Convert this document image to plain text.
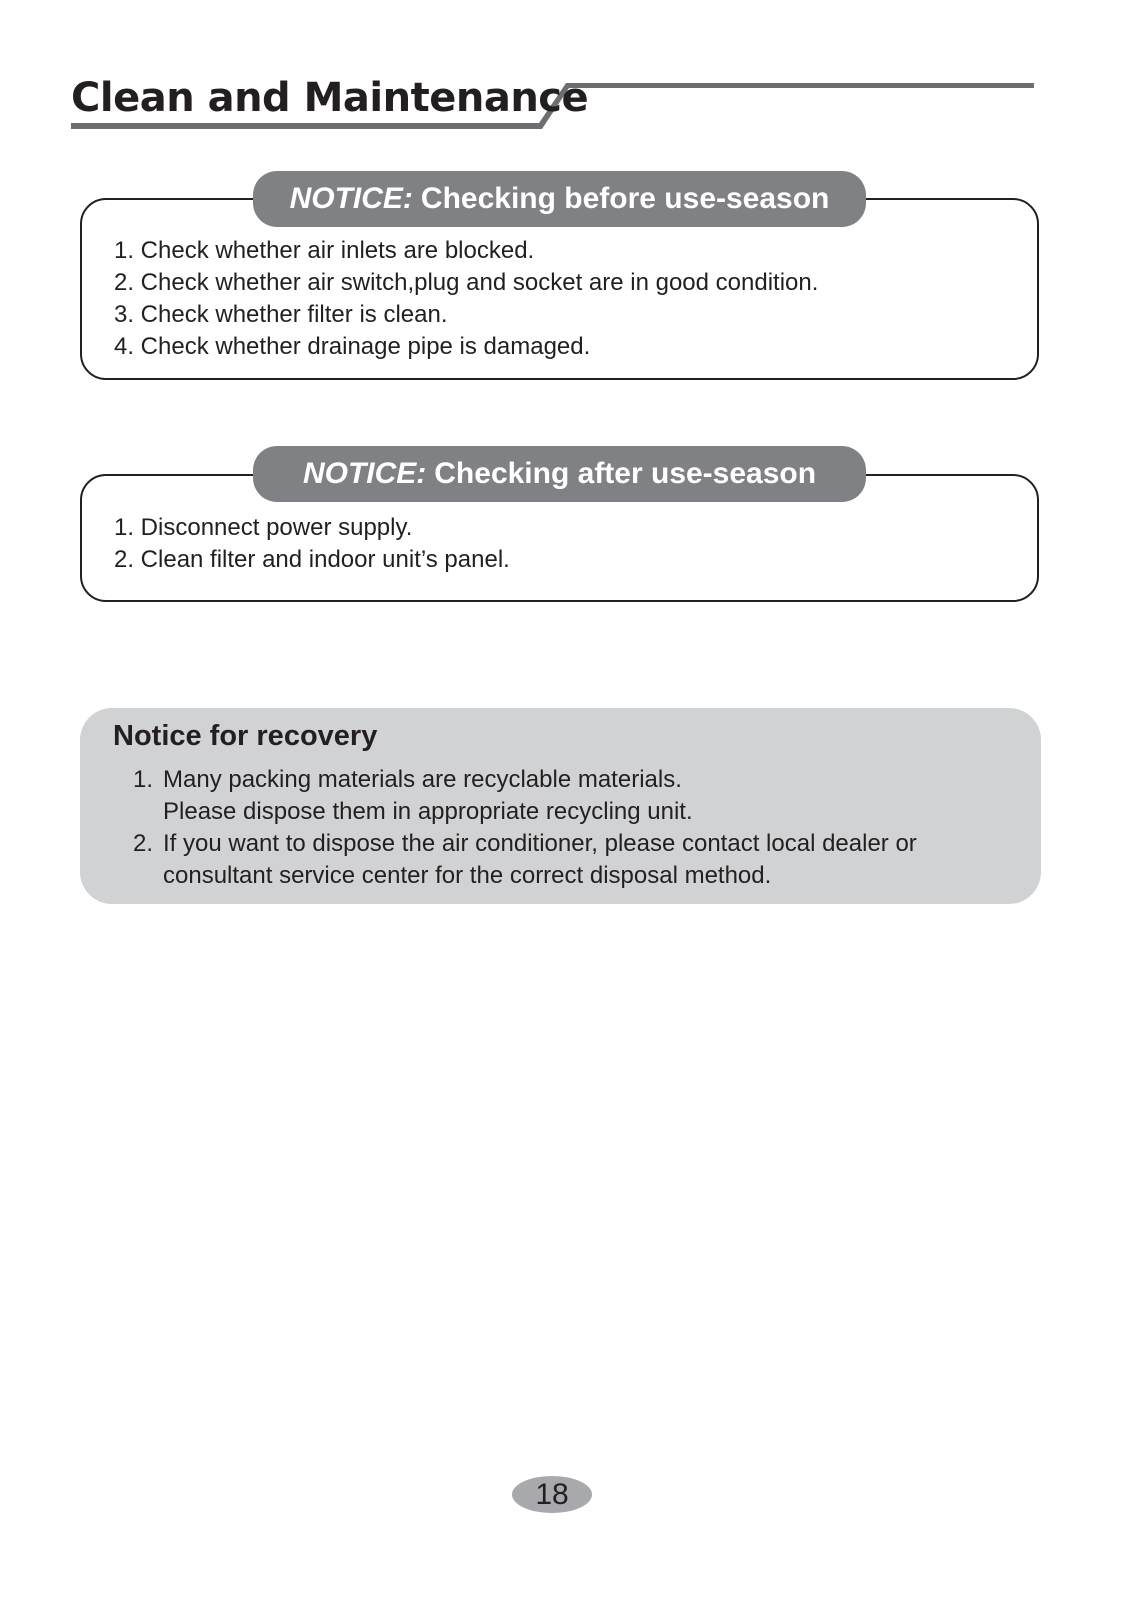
Clean and Maintenance
NOTICE: Checking before use-season
1. Check whether air inlets are blocked.
2. Check whether air switch,plug and socket are in good condition.
3. Check whether filter is clean.
4. Check whether drainage pipe is damaged.
NOTICE: Checking after use-season
1. Disconnect power supply.
2. Clean filter and indoor unit’s panel.
Notice for recovery
1. Many packing materials are recyclable materials.
Please dispose them in appropriate recycling unit.
2. If you want to dispose the air conditioner, please contact local dealer or
consultant service center for the correct disposal method.
18
